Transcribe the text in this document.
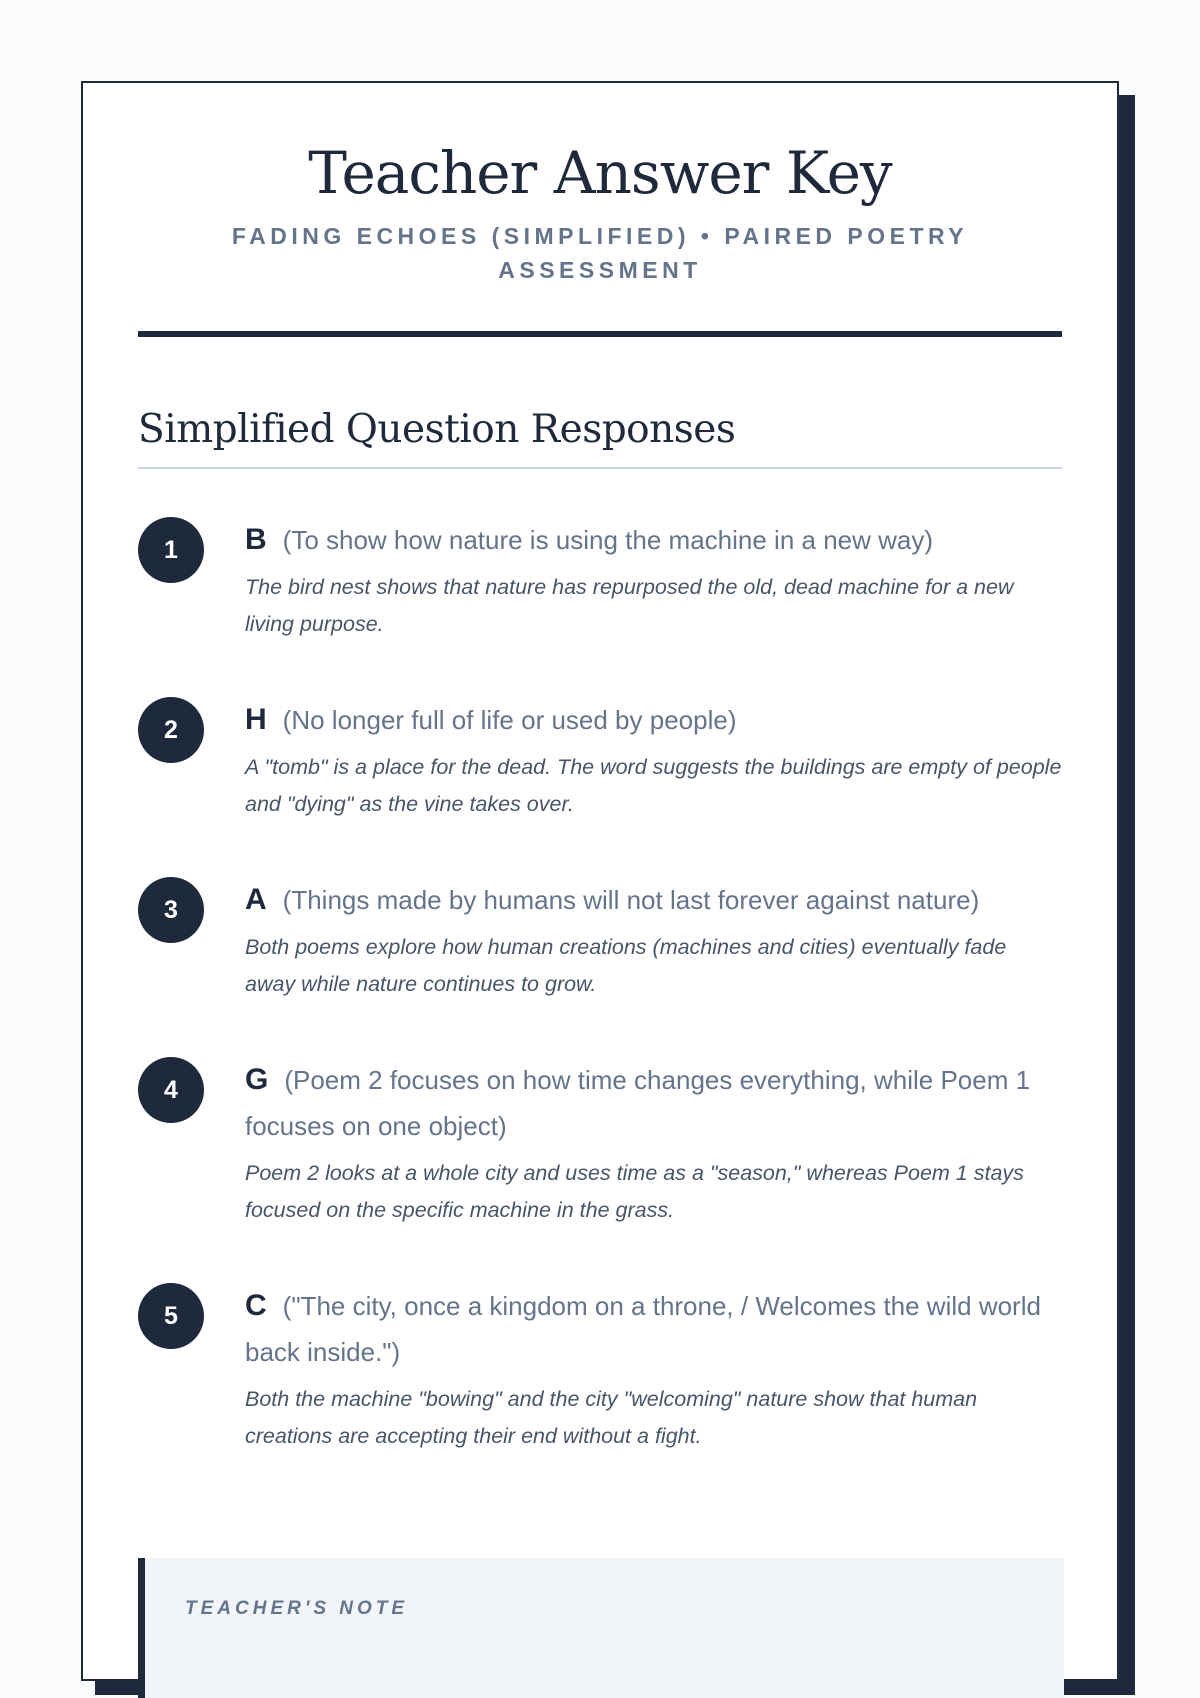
Teacher Answer Key
FADING ECHOES (SIMPLIFIED) • PAIRED POETRY ASSESSMENT
Simplified Question Responses
1	B (To show how nature is using the machine in a new way)
The bird nest shows that nature has repurposed the old, dead machine for a new living purpose.
2	H (No longer full of life or used by people)
A "tomb" is a place for the dead. The word suggests the buildings are empty of people and "dying" as the vine takes over.
3	A (Things made by humans will not last forever against nature)
Both poems explore how human creations (machines and cities) eventually fade away while nature continues to grow.
4	G (Poem 2 focuses on how time changes everything, while Poem 1 focuses on one object)
Poem 2 looks at a whole city and uses time as a "season," whereas Poem 1 stays focused on the specific machine in the grass.
5	C ("The city, once a kingdom on a throne, / Welcomes the wild world back inside.")
Both the machine "bowing" and the city "welcoming" nature show that human creations are accepting their end without a fight.
TEACHER'S NOTE
